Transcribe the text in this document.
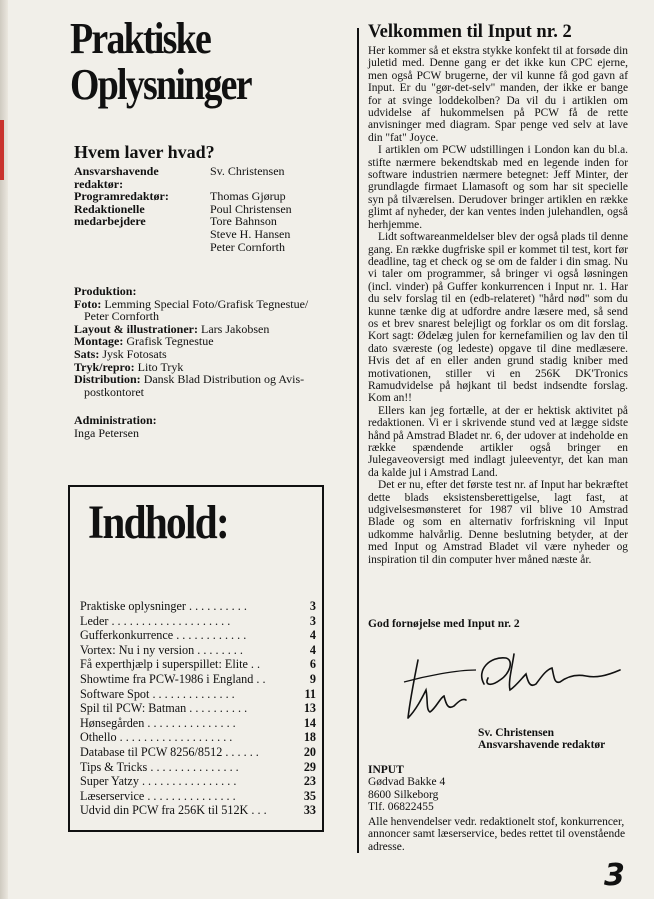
Praktiske
Oplysninger
Hvem laver hvad?
Ansvarshavende redaktør:
Sv. Christensen
Programredaktør:	Thomas Gjørup
Redaktionelle	Poul Christensen
medarbejdere	Tore Bahnson
Steve H. Hansen
Peter Cornforth

Produktion:

Foto: Lemming Special Foto/Grafisk Tegnestue/

Peter Cornforth

Layout & illustrationer: Lars Jakobsen

Montage: Grafisk Tegnestue

Sats: Jysk Fotosats

Tryk/repro: Lito Tryk

Distribution: Dansk Blad Distribution og Avis-

postkontoret

Administration:
Inga Petersen
Indhold:
Praktiske oplysninger . . . . . . . . . .	3
Leder . . . . . . . . . . . . . . . . . . . .	3
Gufferkonkurrence . . . . . . . . . . . .	4
Vortex: Nu i ny version . . . . . . . .	4
Få experthjælp i superspillet: Elite . .	6
Showtime fra PCW-1986 i England . .	9
Software Spot . . . . . . . . . . . . . .	11
Spil til PCW: Batman . . . . . . . . . .	13
Hønsegården . . . . . . . . . . . . . . .	14
Othello . . . . . . . . . . . . . . . . . . .	18
Database til PCW 8256/8512 . . . . . .	20
Tips & Tricks . . . . . . . . . . . . . . .	29
Super Yatzy . . . . . . . . . . . . . . . .	23
Læserservice . . . . . . . . . . . . . . .	35
Udvid din PCW fra 256K til 512K . . .	33
Velkommen til Input nr. 2

Her kommer så et ekstra stykke konfekt til at forsøde din juletid med. Denne gang er det ikke kun CPC ejerne, men også PCW brugerne, der vil kunne få god gavn af Input. Er du "gør-det-selv" manden, der ikke er bange for at svinge loddekolben? Da vil du i artiklen om udvidelse af hukommelsen på PCW få de rette anvisninger med diagram. Spar penge ved selv at lave din "fat" Joyce.

I artiklen om PCW udstillingen i London kan du bl.a. stifte nærmere bekendtskab med en legende inden for software industrien nærmere betegnet: Jeff Minter, der grundlagde firmaet Llamasoft og som har sit specielle syn på tilværelsen. Derudover bringer artiklen en række glimt af nyheder, der kan ventes inden julehandlen, også herhjemme.

Lidt softwareanmeldelser blev der også plads til denne gang. En række dugfriske spil er kommet til test, kort før deadline, tag et check og se om de falder i din smag. Nu vi taler om programmer, så bringer vi også løsningen (incl. vinder) på Guffer konkurrencen i Input nr. 1. Har du selv forslag til en (edb-relateret) "hård nød" som du kunne tænke dig at udfordre andre læsere med, så send os et brev snarest belejligt og forklar os om dit forslag. Kort sagt: Ødelæg julen for kernefamilien og lav den til dato sværeste (og ledeste) opgave til dine medlæsere. Hvis det af en eller anden grund stadig kniber med motivationen, stiller vi en 256K DK'Tronics Ramudvidelse på højkant til bedst indsendte forslag. Kom an!!

Ellers kan jeg fortælle, at der er hektisk aktivitet på redaktionen. Vi er i skrivende stund ved at lægge sidste hånd på Amstrad Bladet nr. 6, der udover at indeholde en række spændende artikler også bringer en Julegaveoversigt med indlagt juleeventyr, det kan man da kalde jul i Amstrad Land.

Det er nu, efter det første test nr. af Input har bekræftet dette blads eksistensberettigelse, lagt fast, at udgivelsesmønsteret for 1987 vil blive 10 Amstrad Blade og som en alternativ forfriskning vil Input udkomme halvårlig. Denne beslutning betyder, at der med Input og Amstrad Bladet vil være nyheder og inspiration til din computer hver måned næste år.

God fornøjelse med Input nr. 2
Sv. Christensen
Ansvarshavende redaktør
INPUT
Gødvad Bakke 4
8600 Silkeborg
Tlf. 06822455
Alle henvendelser vedr. redaktionelt stof, konkurrencer, annoncer samt læserservice, bedes rettet til ovenstående adresse.
3
